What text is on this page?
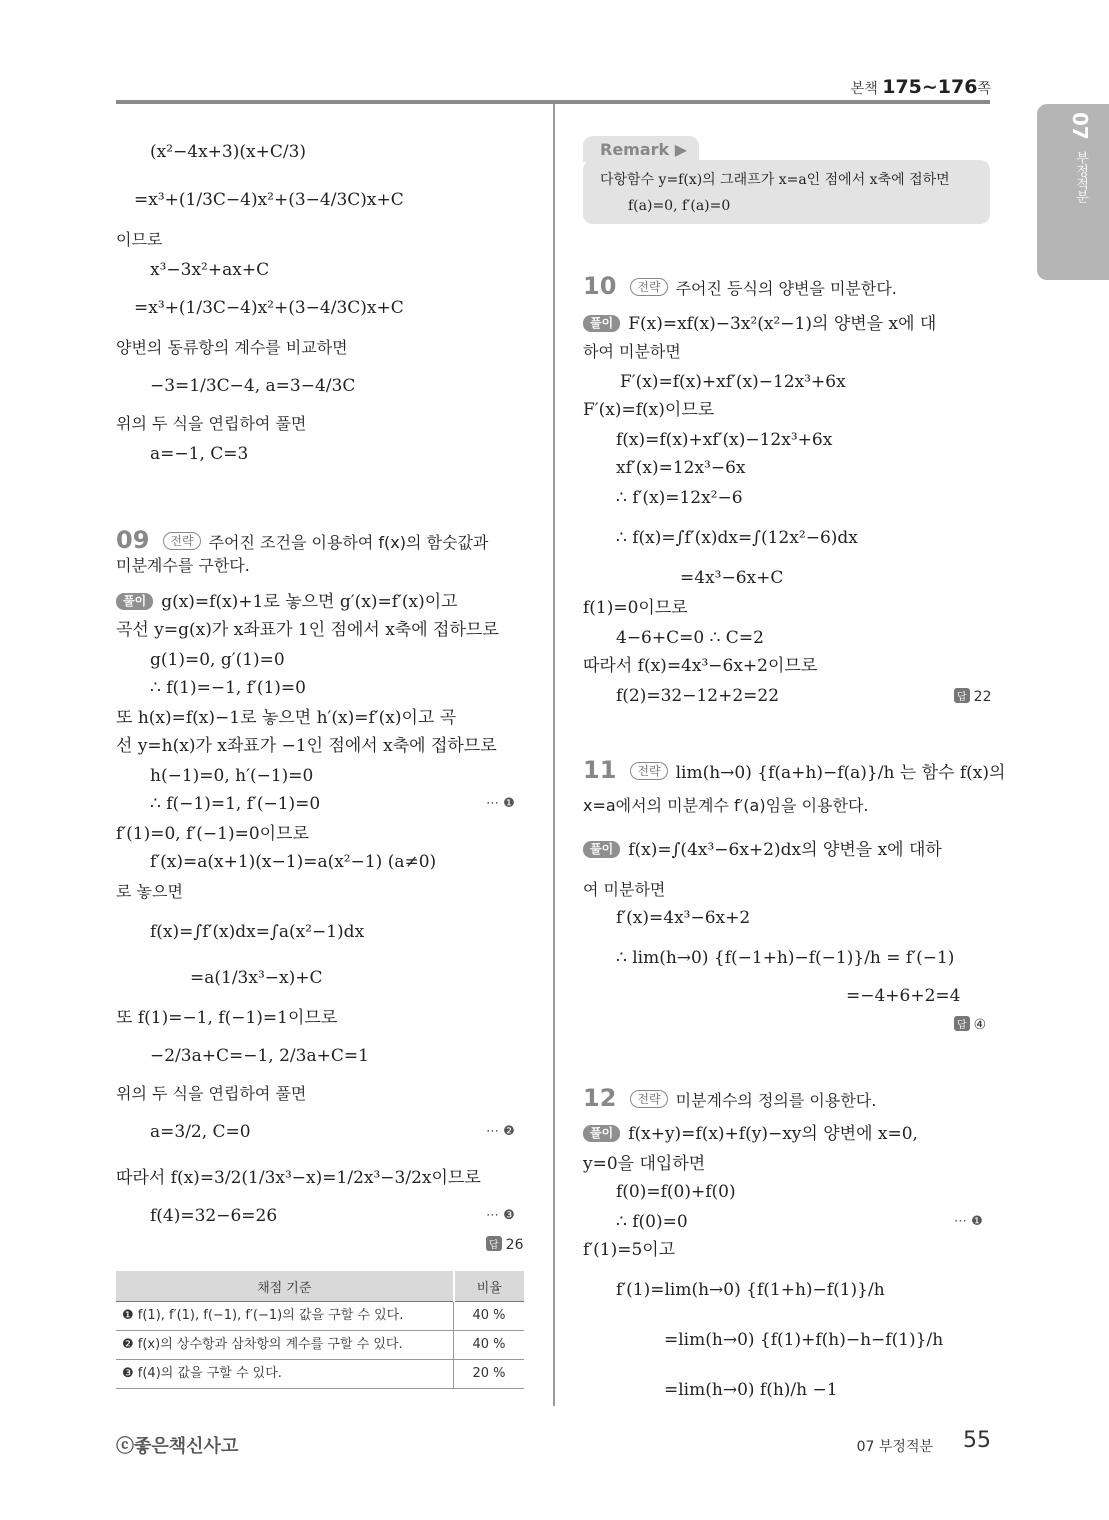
본책 175~176쪽
07 부정적분
(x²−4x+3)(x+C/3)
=x³+(1/3C−4)x²+(3−4/3C)x+C
이므로
x³−3x²+ax+C
=x³+(1/3C−4)x²+(3−4/3C)x+C
양변의 동류항의 계수를 비교하면
−3=1/3C−4, a=3−4/3C
위의 두 식을 연립하여 풀면
a=−1, C=3
09 전략 주어진 조건을 이용하여 f(x)의 함숫값과
미분계수를 구한다.
풀이 g(x)=f(x)+1로 놓으면 g′(x)=f′(x)이고
곡선 y=g(x)가 x좌표가 1인 점에서 x축에 접하므로
g(1)=0, g′(1)=0
∴ f(1)=−1, f′(1)=0
또 h(x)=f(x)−1로 놓으면 h′(x)=f′(x)이고 곡
선 y=h(x)가 x좌표가 −1인 점에서 x축에 접하므로
h(−1)=0, h′(−1)=0
∴ f(−1)=1, f′(−1)=0	⋯ ❶
f′(1)=0, f′(−1)=0이므로
f′(x)=a(x+1)(x−1)=a(x²−1) (a≠0)
로 놓으면
f(x)=∫f′(x)dx=∫a(x²−1)dx
=a(1/3x³−x)+C
또 f(1)=−1, f(−1)=1이므로
−2/3a+C=−1, 2/3a+C=1
위의 두 식을 연립하여 풀면
a=3/2, C=0	⋯ ❷
따라서 f(x)=3/2(1/3x³−x)=1/2x³−3/2x이므로
f(4)=32−6=26	⋯ ❸
답 26
채점 기준	비율
❶ f(1), f′(1), f(−1), f′(−1)의 값을 구할 수 있다.	40 %
❷ f(x)의 상수항과 삼차항의 계수를 구할 수 있다.	40 %
❸ f(4)의 값을 구할 수 있다.	20 %
Remark ▶
다항함수 y=f(x)의 그래프가 x=a인 점에서 x축에 접하면
f(a)=0, f′(a)=0
10 전략 주어진 등식의 양변을 미분한다.
풀이 F(x)=xf(x)−3x²(x²−1)의 양변을 x에 대
하여 미분하면
F′(x)=f(x)+xf′(x)−12x³+6x
F′(x)=f(x)이므로
f(x)=f(x)+xf′(x)−12x³+6x
xf′(x)=12x³−6x
∴ f′(x)=12x²−6
∴ f(x)=∫f′(x)dx=∫(12x²−6)dx
=4x³−6x+C
f(1)=0이므로
4−6+C=0 ∴ C=2
따라서 f(x)=4x³−6x+2이므로
f(2)=32−12+2=22	답 22
11 전략 lim(h→0) {f(a+h)−f(a)}/h 는 함수 f(x)의
x=a에서의 미분계수 f′(a)임을 이용한다.
풀이 f(x)=∫(4x³−6x+2)dx의 양변을 x에 대하
여 미분하면
f′(x)=4x³−6x+2
∴ lim(h→0) {f(−1+h)−f(−1)}/h = f′(−1)
=−4+6+2=4
답 ④
12 전략 미분계수의 정의를 이용한다.
풀이 f(x+y)=f(x)+f(y)−xy의 양변에 x=0,
y=0을 대입하면
f(0)=f(0)+f(0)
∴ f(0)=0	⋯ ❶
f′(1)=5이고
f′(1)=lim(h→0) {f(1+h)−f(1)}/h
=lim(h→0) {f(1)+f(h)−h−f(1)}/h
=lim(h→0) f(h)/h −1
ⓒ좋은책신사고	07 부정적분 55
